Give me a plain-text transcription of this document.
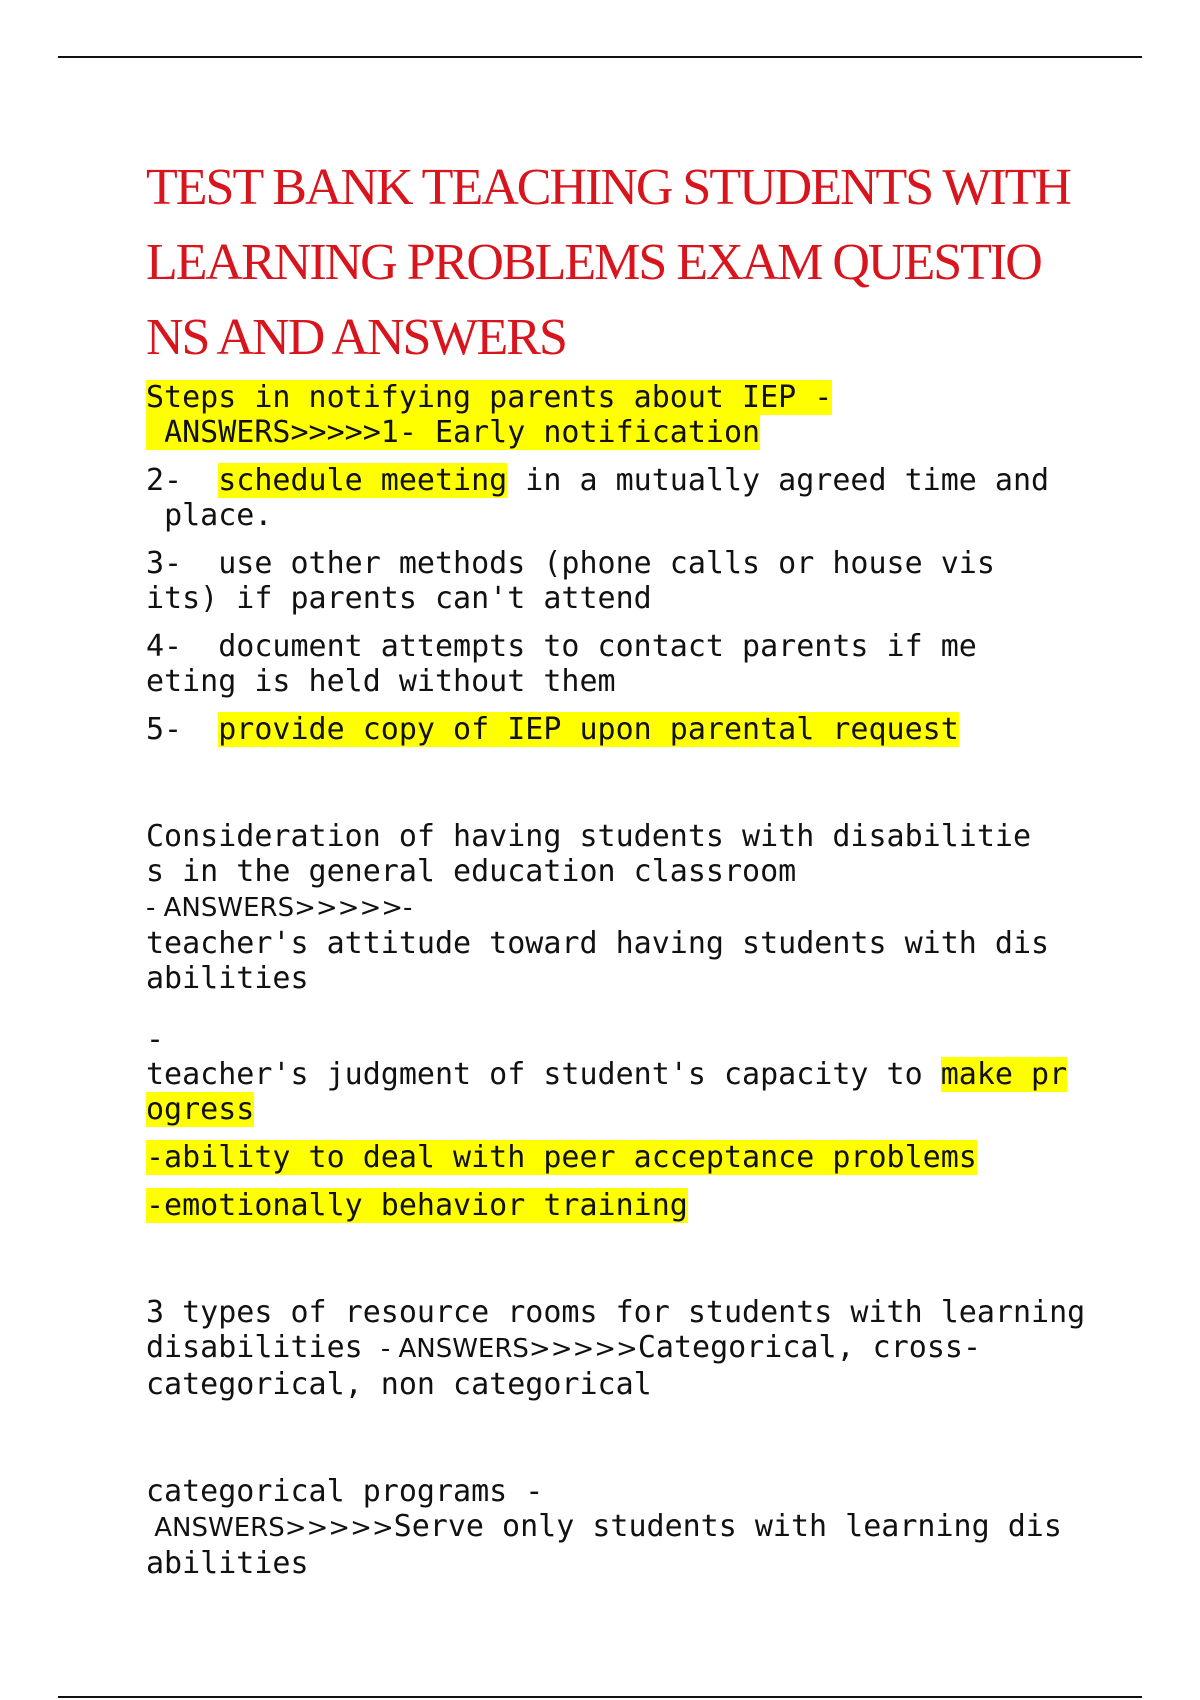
TEST BANK TEACHING STUDENTS WITH
LEARNING PROBLEMS EXAM QUESTIO
NS AND ANSWERS

Steps in notifying parents about IEP -
ANSWERS>>>>>1- Early notification

2-  schedule meeting in a mutually agreed time and
place.

3-  use other methods (phone calls or house vis
its) if parents can't attend

4-  document attempts to contact parents if me
eting is held without them

5-  provide copy of IEP upon parental request

Consideration of having students with disabilitie
s in the general education classroom
- ANSWERS>>>>>-
teacher's attitude toward having students with dis
abilities

-
teacher's judgment of student's capacity to make pr
ogress

-ability to deal with peer acceptance problems

-emotionally behavior training

3 types of resource rooms for students with learning
disabilities - ANSWERS>>>>>Categorical, cross-
categorical, non categorical

categorical programs -
ANSWERS>>>>>Serve only students with learning dis
abilities
